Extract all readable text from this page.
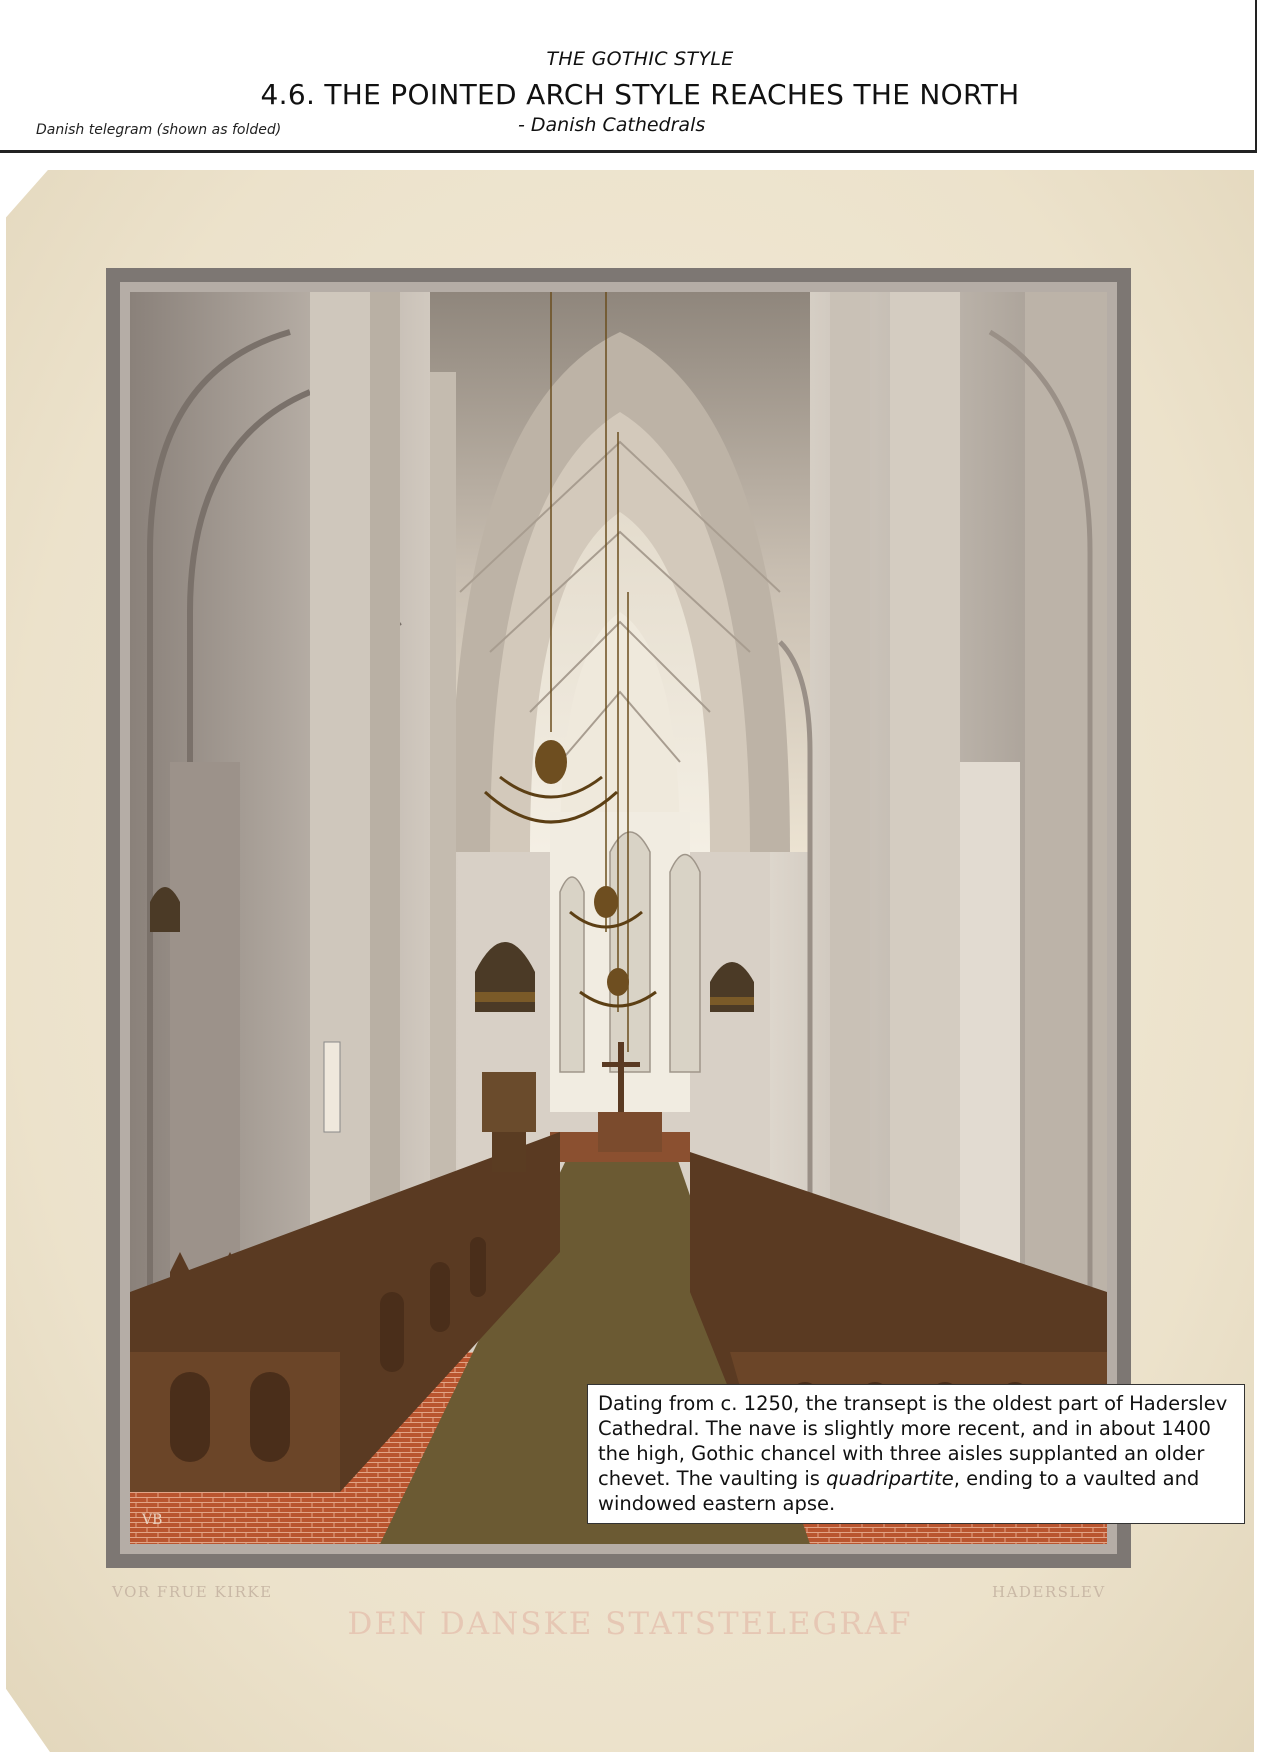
THE GOTHIC STYLE
4.6. THE POINTED ARCH STYLE REACHES THE NORTH
- Danish Cathedrals
Danish telegram (shown as folded)
VB
VOR FRUE KIRKE	HADERSLEV
DEN DANSKE STATSTELEGRAF
Dating from c. 1250, the transept is the oldest part of Haderslev Cathedral. The nave is slightly more recent, and in about 1400 the high, Gothic chancel with three aisles supplanted an older chevet. The vaulting is quadripartite, ending to a vaulted and windowed eastern apse.
